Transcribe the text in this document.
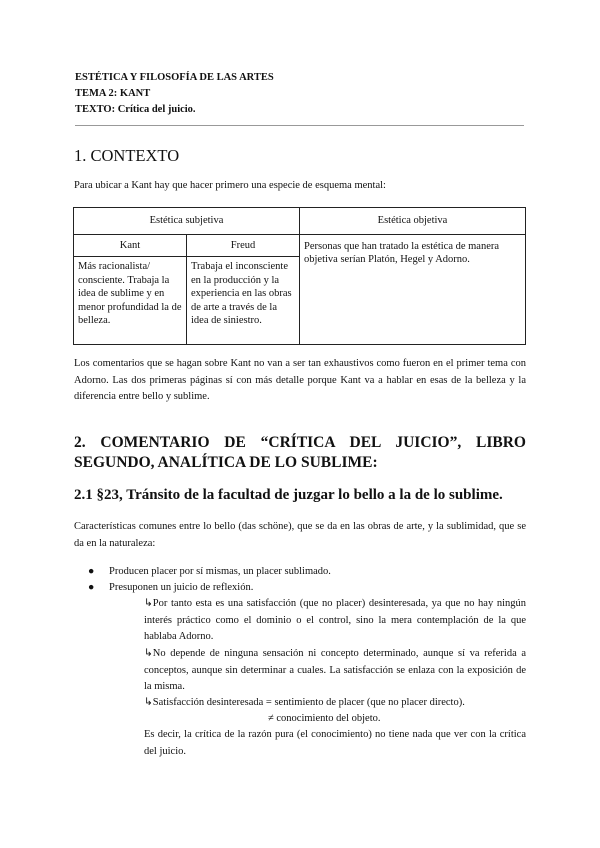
ESTÉTICA Y FILOSOFÍA DE LAS ARTES
TEMA 2: KANT
TEXTO: Crítica del juicio.
1. CONTEXTO
Para ubicar a Kant hay que hacer primero una especie de esquema mental:
Estética subjetiva		Estética objetiva
Kant	Freud	Personas que han tratado la estética de manera objetiva serían Platón, Hegel y Adorno.
Más racionalista/ consciente. Trabaja la idea de sublime y en menor profundidad la de belleza.	Trabaja el inconsciente en la producción y la experiencia en las obras de arte a través de la idea de siniestro.	
Los comentarios que se hagan sobre Kant no van a ser tan exhaustivos como fueron en el primer tema con Adorno. Las dos primeras páginas sí con más detalle porque Kant va a hablar en esas de la belleza y la diferencia entre bello y sublime.
2. COMENTARIO DE “CRÍTICA DEL JUICIO”, LIBRO SEGUNDO, ANALÍTICA DE LO SUBLIME:
2.1 §23, Tránsito de la facultad de juzgar lo bello a la de lo sublime.
Características comunes entre lo bello (das schöne), que se da en las obras de arte, y la sublimidad, que se da en la naturaleza:
● Producen placer por sí mismas, un placer sublimado.
● Presuponen un juicio de reflexión.
↳Por tanto esta es una satisfacción (que no placer) desinteresada, ya que no hay ningún interés práctico como el dominio o el control, sino la mera contemplación de la que hablaba Adorno.
↳No depende de ninguna sensación ni concepto determinado, aunque sí va referida a conceptos, aunque sin determinar a cuales. La satisfacción se enlaza con la exposición de la misma.
↳Satisfacción desinteresada = sentimiento de placer (que no placer directo).
≠ conocimiento del objeto.
Es decir, la crítica de la razón pura (el conocimiento) no tiene nada que ver con la crítica del juicio.
